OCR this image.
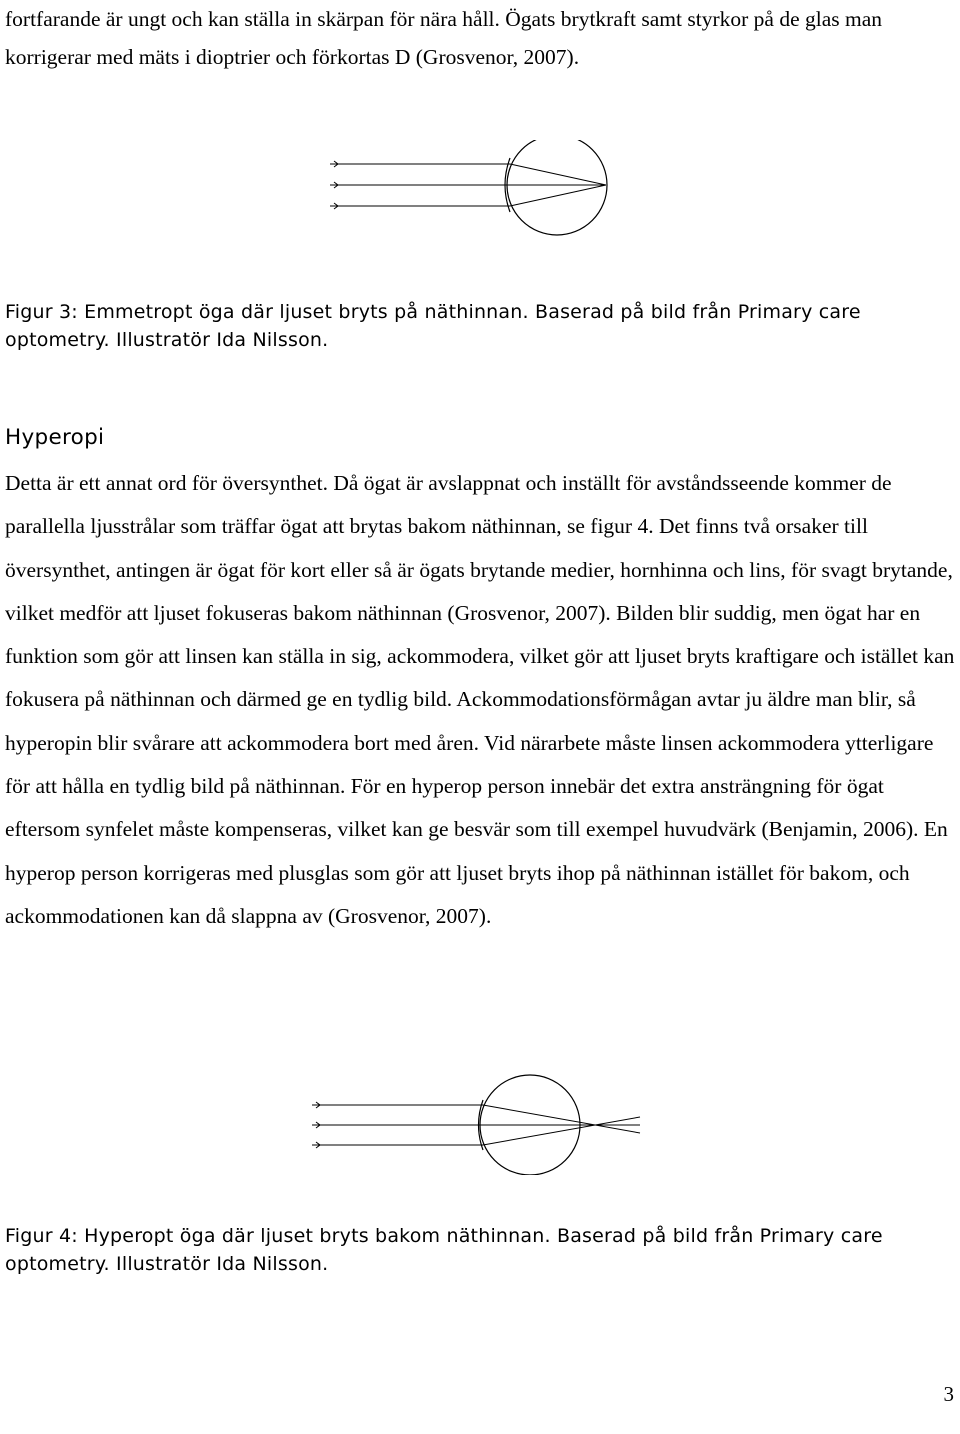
fortfarande är ungt och kan ställa in skärpan för nära håll. Ögats brytkraft samt styrkor på de glas man korrigerar med mäts i dioptrier och förkortas D (Grosvenor, 2007).

Figur 3: Emmetropt öga där ljuset bryts på näthinnan. Baserad på bild från Primary care optometry. Illustratör Ida Nilsson.

Hyperopi

Detta är ett annat ord för översynthet. Då ögat är avslappnat och inställt för avståndsseende kommer de parallella ljusstrålar som träffar ögat att brytas bakom näthinnan, se figur 4. Det finns två orsaker till översynthet, antingen är ögat för kort eller så är ögats brytande medier, hornhinna och lins, för svagt brytande, vilket medför att ljuset fokuseras bakom näthinnan (Grosvenor, 2007). Bilden blir suddig, men ögat har en funktion som gör att linsen kan ställa in sig, ackommodera, vilket gör att ljuset bryts kraftigare och istället kan fokusera på näthinnan och därmed ge en tydlig bild. Ackommodationsförmågan avtar ju äldre man blir, så hyperopin blir svårare att ackommodera bort med åren. Vid närarbete måste linsen ackommodera ytterligare för att hålla en tydlig bild på näthinnan. För en hyperop person innebär det extra ansträngning för ögat eftersom synfelet måste kompenseras, vilket kan ge besvär som till exempel huvudvärk (Benjamin, 2006). En hyperop person korrigeras med plusglas som gör att ljuset bryts ihop på näthinnan istället för bakom, och ackommodationen kan då slappna av (Grosvenor, 2007).

Figur 4: Hyperopt öga där ljuset bryts bakom näthinnan. Baserad på bild från Primary care optometry. Illustratör Ida Nilsson.

3
